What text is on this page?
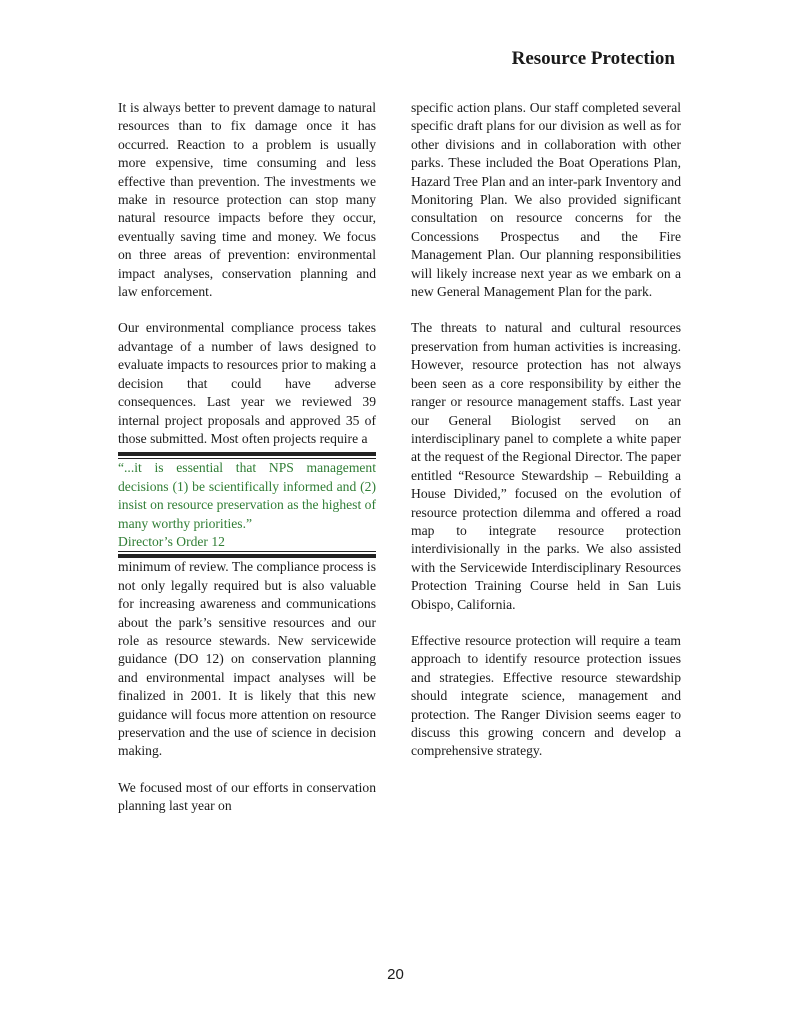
Resource Protection

It is always better to prevent damage to natural resources than to fix damage once it has occurred. Reaction to a problem is usually more expensive, time consuming and less effective than prevention. The investments we make in resource protection can stop many natural resource impacts before they occur, eventually saving time and money. We focus on three areas of prevention: environmental impact analyses, conservation planning and law enforcement.

Our environmental compliance process takes advantage of a number of laws designed to evaluate impacts to resources prior to making a decision that could have adverse consequences. Last year we reviewed 39 internal project proposals and approved 35 of those submitted. Most often projects require a

“...it is essential that NPS management decisions (1) be scientifically informed and (2) insist on resource preservation as the highest of many worthy priorities.”

Director’s Order 12

minimum of review. The compliance process is not only legally required but is also valuable for increasing awareness and communications about the park’s sensitive resources and our role as resource stewards. New servicewide guidance (DO 12) on conservation planning and environmental impact analyses will be finalized in 2001. It is likely that this new guidance will focus more attention on resource preservation and the use of science in decision making.

We focused most of our efforts in conservation planning last year on

specific action plans. Our staff completed several specific draft plans for our division as well as for other divisions and in collaboration with other parks. These included the Boat Operations Plan, Hazard Tree Plan and an inter-park Inventory and Monitoring Plan. We also provided significant consultation on resource concerns for the Concessions Prospectus and the Fire Management Plan. Our planning responsibilities will likely increase next year as we embark on a new General Management Plan for the park.

The threats to natural and cultural resources preservation from human activities is increasing. However, resource protection has not always been seen as a core responsibility by either the ranger or resource management staffs. Last year our General Biologist served on an interdisciplinary panel to complete a white paper at the request of the Regional Director. The paper entitled “Resource Stewardship – Rebuilding a House Divided,” focused on the evolution of resource protection dilemma and offered a road map to integrate resource protection interdivisionally in the parks. We also assisted with the Servicewide Interdisciplinary Resources Protection Training Course held in San Luis Obispo, California.

Effective resource protection will require a team approach to identify resource protection issues and strategies. Effective resource stewardship should integrate science, management and protection. The Ranger Division seems eager to discuss this growing concern and develop a comprehensive strategy.

20
